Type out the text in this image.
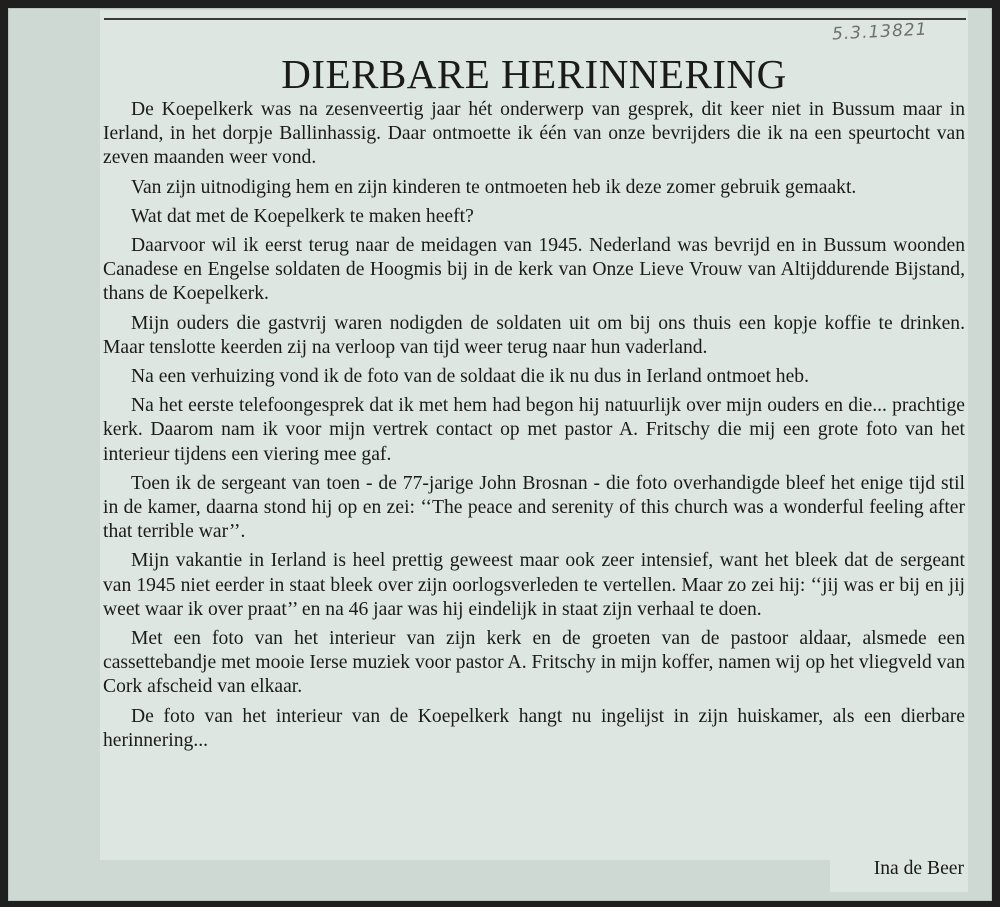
5.3.13821
DIERBARE HERINNERING

De Koepelkerk was na zesenveertig jaar hét onderwerp van gesprek, dit keer niet in Bussum maar in Ierland, in het dorpje Ballinhassig. Daar ontmoette ik één van onze bevrijders die ik na een speurtocht van zeven maanden weer vond.

Van zijn uitnodiging hem en zijn kinderen te ontmoeten heb ik deze zomer gebruik gemaakt.

Wat dat met de Koepelkerk te maken heeft?

Daarvoor wil ik eerst terug naar de meidagen van 1945. Nederland was bevrijd en in Bussum woonden Canadese en Engelse soldaten de Hoogmis bij in de kerk van Onze Lieve Vrouw van Altijddurende Bijstand, thans de Koepelkerk.

Mijn ouders die gastvrij waren nodigden de soldaten uit om bij ons thuis een kopje koffie te drinken. Maar tenslotte keerden zij na verloop van tijd weer terug naar hun vaderland.

Na een verhuizing vond ik de foto van de soldaat die ik nu dus in Ierland ontmoet heb.

Na het eerste telefoongesprek dat ik met hem had begon hij natuurlijk over mijn ouders en die... prachtige kerk. Daarom nam ik voor mijn vertrek contact op met pastor A. Fritschy die mij een grote foto van het interieur tijdens een viering mee gaf.

Toen ik de sergeant van toen - de 77-jarige John Brosnan - die foto overhandigde bleef het enige tijd stil in de kamer, daarna stond hij op en zei: ‘‘The peace and serenity of this church was a wonderful feeling after that terrible war’’.

Mijn vakantie in Ierland is heel prettig geweest maar ook zeer intensief, want het bleek dat de sergeant van 1945 niet eerder in staat bleek over zijn oorlogsverleden te vertellen. Maar zo zei hij: ‘‘jij was er bij en jij weet waar ik over praat’’ en na 46 jaar was hij eindelijk in staat zijn verhaal te doen.

Met een foto van het interieur van zijn kerk en de groeten van de pastoor aldaar, alsmede een cassettebandje met mooie Ierse muziek voor pastor A. Fritschy in mijn koffer, namen wij op het vliegveld van Cork afscheid van elkaar.

De foto van het interieur van de Koepelkerk hangt nu ingelijst in zijn huiskamer, als een dierbare herinnering...

Ina de Beer
